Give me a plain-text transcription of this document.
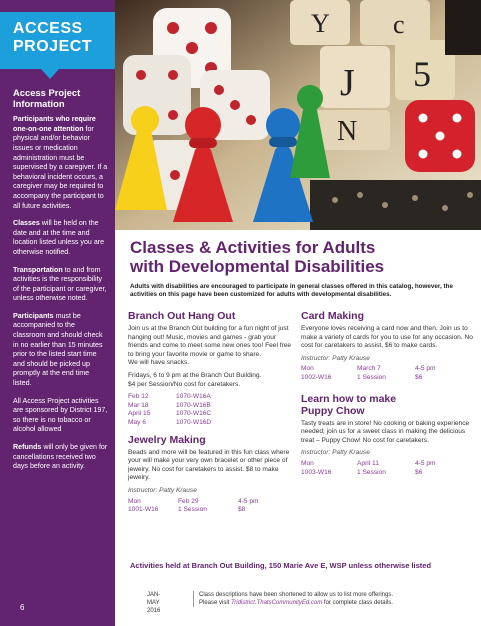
ACCESS
PROJECT
Access Project
Information

Participants who require one-on-one attention for physical and/or behavior issues or medication administration must be supervised by a caregiver. If a behavioral incident occurs, a caregiver may be required to accompany the participant to all future activities.

Classes will be held on the date and at the time and location listed unless you are otherwise notified.

Transportation to and from activities is the responsibility of the participant or caregiver, unless otherwise noted.

Participants must be accompanied to the classroom and should check in no earlier than 15 minutes prior to the listed start time and should be picked up promptly at the end time listed.

All Access Project activities are sponsored by District 197, so there is no tobacco or alcohol allowed

Refunds will only be given for cancellations received two days before an activity.

6
Y c
J 5
N
Classes & Activities for Adults
with Developmental Disabilities
Adults with disabilities are encouraged to participate in general classes offered in this catalog, however, the activities on this page have been customized for adults with developmental disabilities.
Branch Out Hang Out
Join us at the Branch Out building for a fun night of just hanging out! Music, movies and games - grab your friends and come to meet some new ones too! Feel free to bring your favorite movie or game to share.
We will have snacks.
Fridays, 6 to 9 pm at the Branch Out Building.
$4 per Session/No cost for caretakers.
Feb 12	1070-W16A
Mar 18	1070-W16B
April 15	1070-W16C
May 6	1070-W16D
Jewelry Making
Beads and more will be featured in this fun class where your will make your very own bracelet or other piece of jewelry. No cost for caretakers to assist. $8 to make jewelry.
Instructor: Patty Krause
Mon	Feb 29	4-5 pm
1001-W16	1 Session	$8
Card Making
Everyone loves receiving a card now and then. Join us to make a variety of cards for you to use for any occasion. No cost for caretakers to assist, $6 to make cards.
Instructor: Patty Krause
Mon	March 7	4-5 pm
1002-W16	1 Session	$6
Learn how to make
Puppy Chow
Tasty treats are in store! No cooking or baking experience needed; join us for a sweet class in making the delicious treat – Puppy Chow! No cost for caretakers.
Instructor: Patty Krause
Mon	April 11	4-5 pm
1003-W16	1 Session	$6
Activities held at Branch Out Building, 150 Marie Ave E, WSP unless otherwise listed
JAN-MAY 2016
Class descriptions have been shortened to allow us to list more offerings.
Please visit Tridistrict.ThatsCommunityEd.com for complete class details.
